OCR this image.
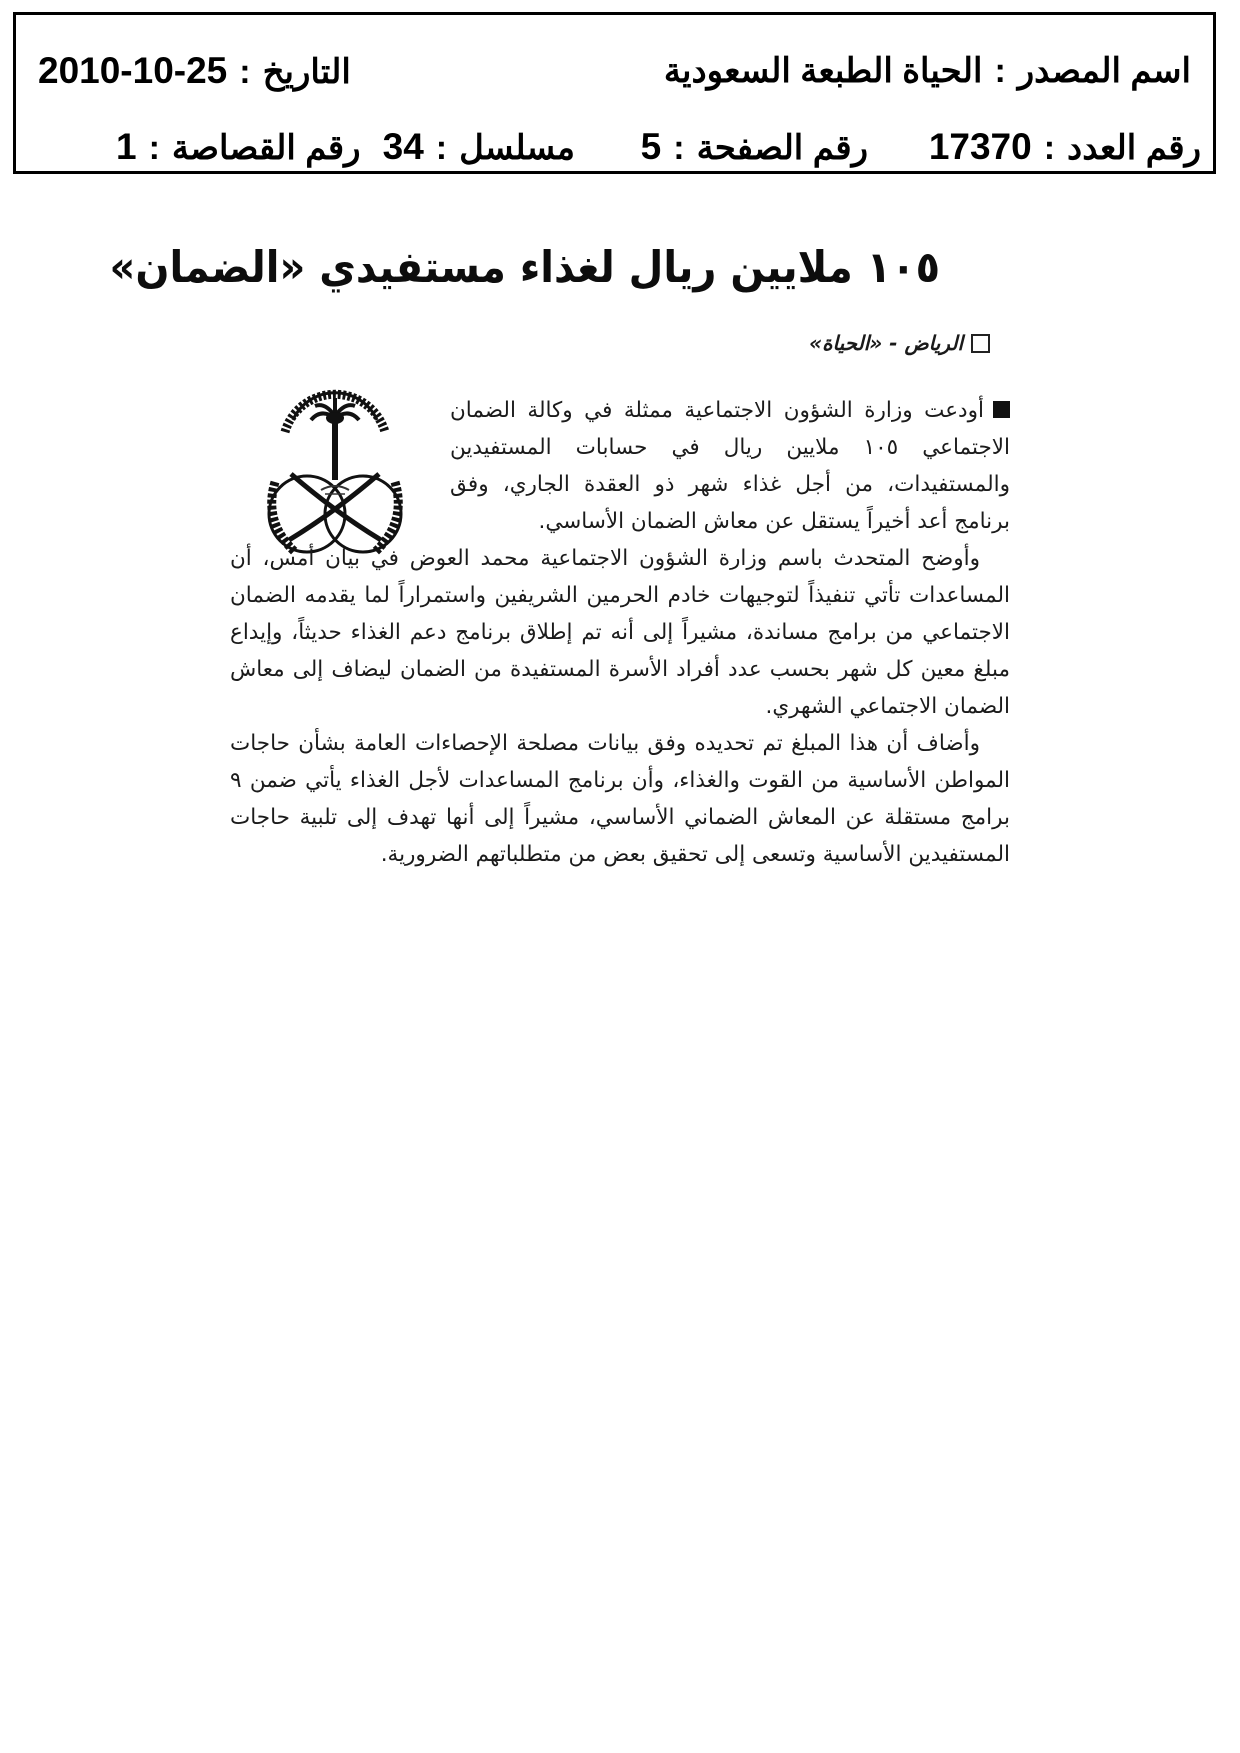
اسم المصدر:الحياة الطبعة السعودية
التاريخ:2010-10-25
رقم العدد:17370
رقم الصفحة:5
مسلسل:34
رقم القصاصة:1
١٠٥ ملايين ريال لغذاء مستفيدي «الضمان»
الرياض - «الحياة»

أودعت وزارة الشؤون الاجتماعية ممثلة في وكالة الضمان الاجتماعي ١٠٥ ملايين ريال في حسابات المستفيدين والمستفيدات، من أجل غذاء شهر ذو العقدة الجاري، وفق برنامج أعد أخيراً يستقل عن معاش الضمان الأساسي.

وأوضح المتحدث باسم وزارة الشؤون الاجتماعية محمد العوض في بيان أمس، أن المساعدات تأتي تنفيذاً لتوجيهات خادم الحرمين الشريفين واستمراراً لما يقدمه الضمان الاجتماعي من برامج مساندة، مشيراً إلى أنه تم إطلاق برنامج دعم الغذاء حديثاً، وإيداع مبلغ معين كل شهر بحسب عدد أفراد الأسرة المستفيدة من الضمان ليضاف إلى معاش الضمان الاجتماعي الشهري.

وأضاف أن هذا المبلغ تم تحديده وفق بيانات مصلحة الإحصاءات العامة بشأن حاجات المواطن الأساسية من القوت والغذاء، وأن برنامج المساعدات لأجل الغذاء يأتي ضمن ٩ برامج مستقلة عن المعاش الضماني الأساسي، مشيراً إلى أنها تهدف إلى تلبية حاجات المستفيدين الأساسية وتسعى إلى تحقيق بعض من متطلباتهم الضرورية.
